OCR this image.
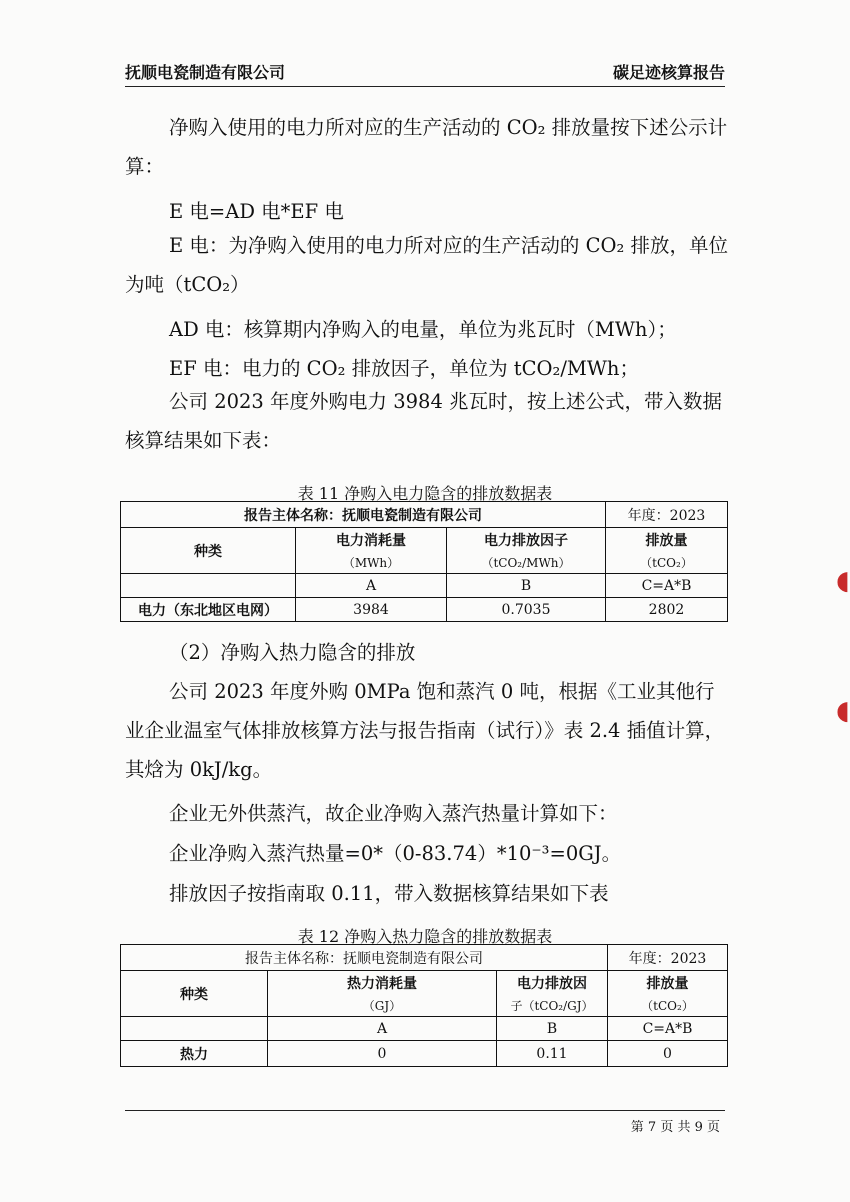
抚顺电瓷制造有限公司	碳足迹核算报告
净购入使用的电力所对应的生产活动的 CO₂ 排放量按下述公示计算：
E 电=AD 电*EF 电
E 电：为净购入使用的电力所对应的生产活动的 CO₂ 排放，单位为吨（tCO₂）
AD 电：核算期内净购入的电量，单位为兆瓦时（MWh）；
EF 电：电力的 CO₂ 排放因子，单位为 tCO₂/MWh；
公司 2023 年度外购电力 3984 兆瓦时，按上述公式，带入数据核算结果如下表：
表 11 净购入电力隐含的排放数据表
报告主体名称：抚顺电瓷制造有限公司			年度：2023
种类	电力消耗量	电力排放因子	排放量
	（MWh）	（tCO₂/MWh）	（tCO₂）
	A	B	C=A*B
电力（东北地区电网）	3984	0.7035	2802
（2）净购入热力隐含的排放
公司 2023 年度外购 0MPa 饱和蒸汽 0 吨，根据《工业其他行业企业温室气体排放核算方法与报告指南（试行）》表 2.4 插值计算，其焓为 0kJ/kg。
企业无外供蒸汽，故企业净购入蒸汽热量计算如下：
企业净购入蒸汽热量=0*（0-83.74）*10⁻³=0GJ。
排放因子按指南取 0.11，带入数据核算结果如下表
表 12 净购入热力隐含的排放数据表
报告主体名称：抚顺电瓷制造有限公司			年度：2023
种类	热力消耗量	电力排放因	排放量
	（GJ）	子（tCO₂/GJ）	（tCO₂）
	A	B	C=A*B
热力	0	0.11	0
第 7 页 共 9 页
◖
◖
